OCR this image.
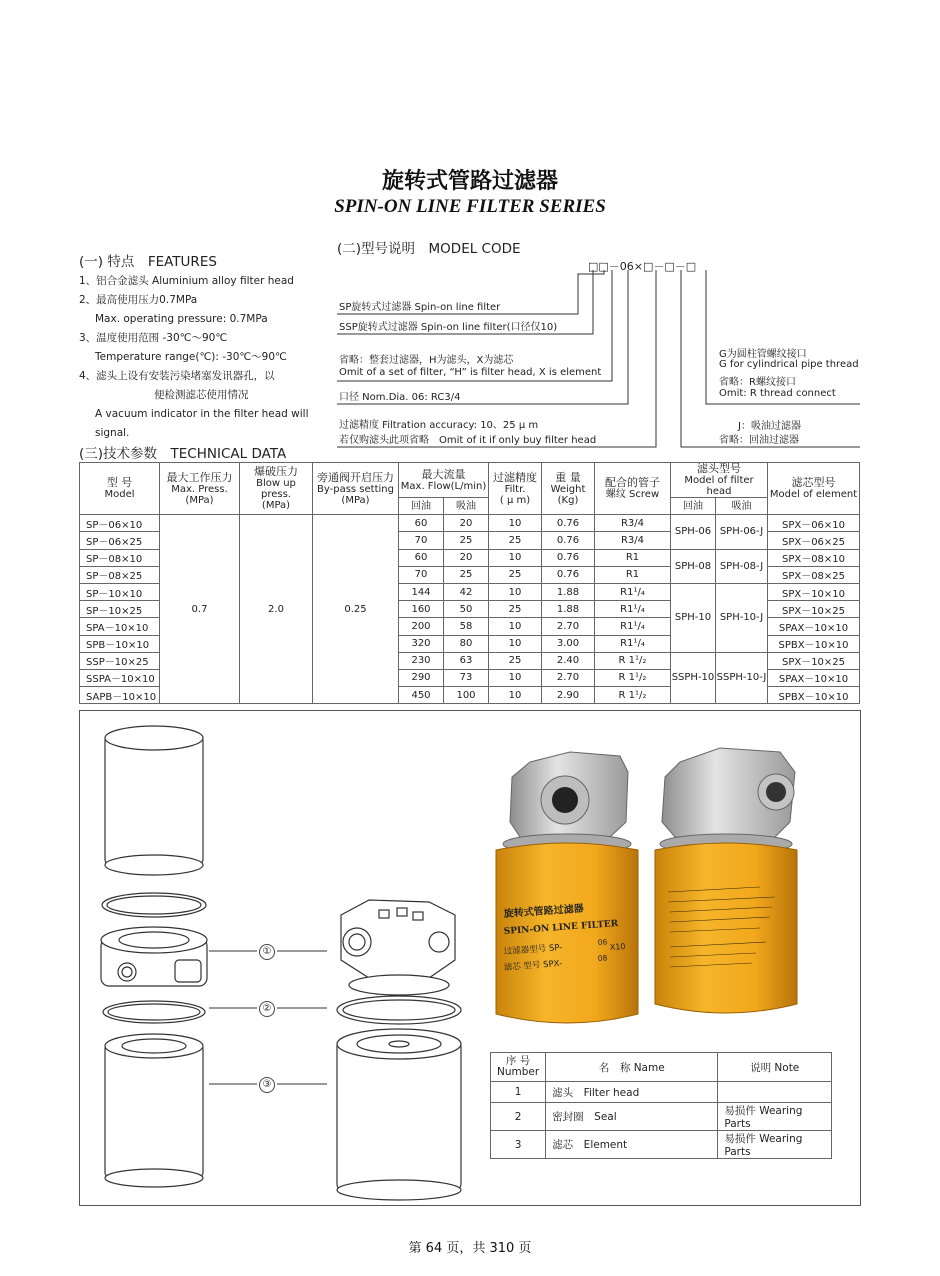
旋转式管路过滤器
SPIN-ON LINE FILTER SERIES
(一) 特点　FEATURES
1、铝合金滤头 Aluminium alloy filter head
2、最高使用压力0.7MPa
Max. operating pressure: 0.7MPa
3、温度使用范围 -30℃～90℃
Temperature range(℃): -30℃～90℃
4、滤头上设有安装污染堵塞发讯器孔，以
便检测滤芯使用情况
A vacuum indicator in the filter head will signal.
(二)型号说明　MODEL CODE
□□－06×□－□－□
SP旋转式过滤器 Spin-on line filter
SSP旋转式过滤器 Spin-on line filter(口径仅10)
省略：整套过滤器，H为滤头，X为滤芯
Omit of a set of filter, “H” is filter head, X is element
口径 Nom.Dia. 06: RC3/4
过滤精度 Filtration accuracy: 10、25 μ m
若仅购滤头此项省略　Omit of it if only buy filter head
G为圆柱管螺纹接口
G for cylindrical pipe thread
省略：R螺纹接口
Omit: R thread connect
J：吸油过滤器
省略：回油过滤器
(三)技术参数　TECHNICAL DATA
型 号
Model	最大工作压力
Max. Press.
(MPa)	爆破压力
Blow up press.
(MPa)	旁通阀开启压力
By-pass setting
(MPa)	最大流量
Max. Flow(L/min)		过滤精度
Filtr.
( μ m)	重 量
Weight
(Kg)	配合的管子
螺纹 Screw	滤头型号
Model of filter head		滤芯型号
Model of element
				回油	吸油				回油	吸油	
SP－06×10	0.7	2.0	0.25	60	20	10	0.76	R3/4	SPH-06	SPH-06-J	SPX－06×10
SP－06×25				70	25	25	0.76	R3/4			SPX－06×25
SP－08×10				60	20	10	0.76	R1	SPH-08	SPH-08-J	SPX－08×10
SP－08×25				70	25	25	0.76	R1			SPX－08×25
SP－10×10				144	42	10	1.88	R1¹/₄	SPH-10	SPH-10-J	SPX－10×10
SP－10×25				160	50	25	1.88	R1¹/₄			SPX－10×25
SPA－10×10				200	58	10	2.70	R1¹/₄			SPAX－10×10
SPB－10×10				320	80	10	3.00	R1¹/₄			SPBX－10×10
SSP－10×25				230	63	25	2.40	R 1¹/₂	SSPH-10	SSPH-10-J	SPX－10×25
SSPA－10×10				290	73	10	2.70	R 1¹/₂			SPAX－10×10
SAPB－10×10				450	100	10	2.90	R 1¹/₂			SPBX－10×10
①
②
③
旋转式管路过滤器
SPIN-ON LINE FILTER
过滤器型号 SP-
滤芯 型号 SPX-
06
08
X10
序 号
Number	名　称 Name	说明 Note
1	滤头　Filter head	
2	密封圈　Seal	易损件 Wearing Parts
3	滤芯　Element	易损件 Wearing Parts
第 64 页，共 310 页
